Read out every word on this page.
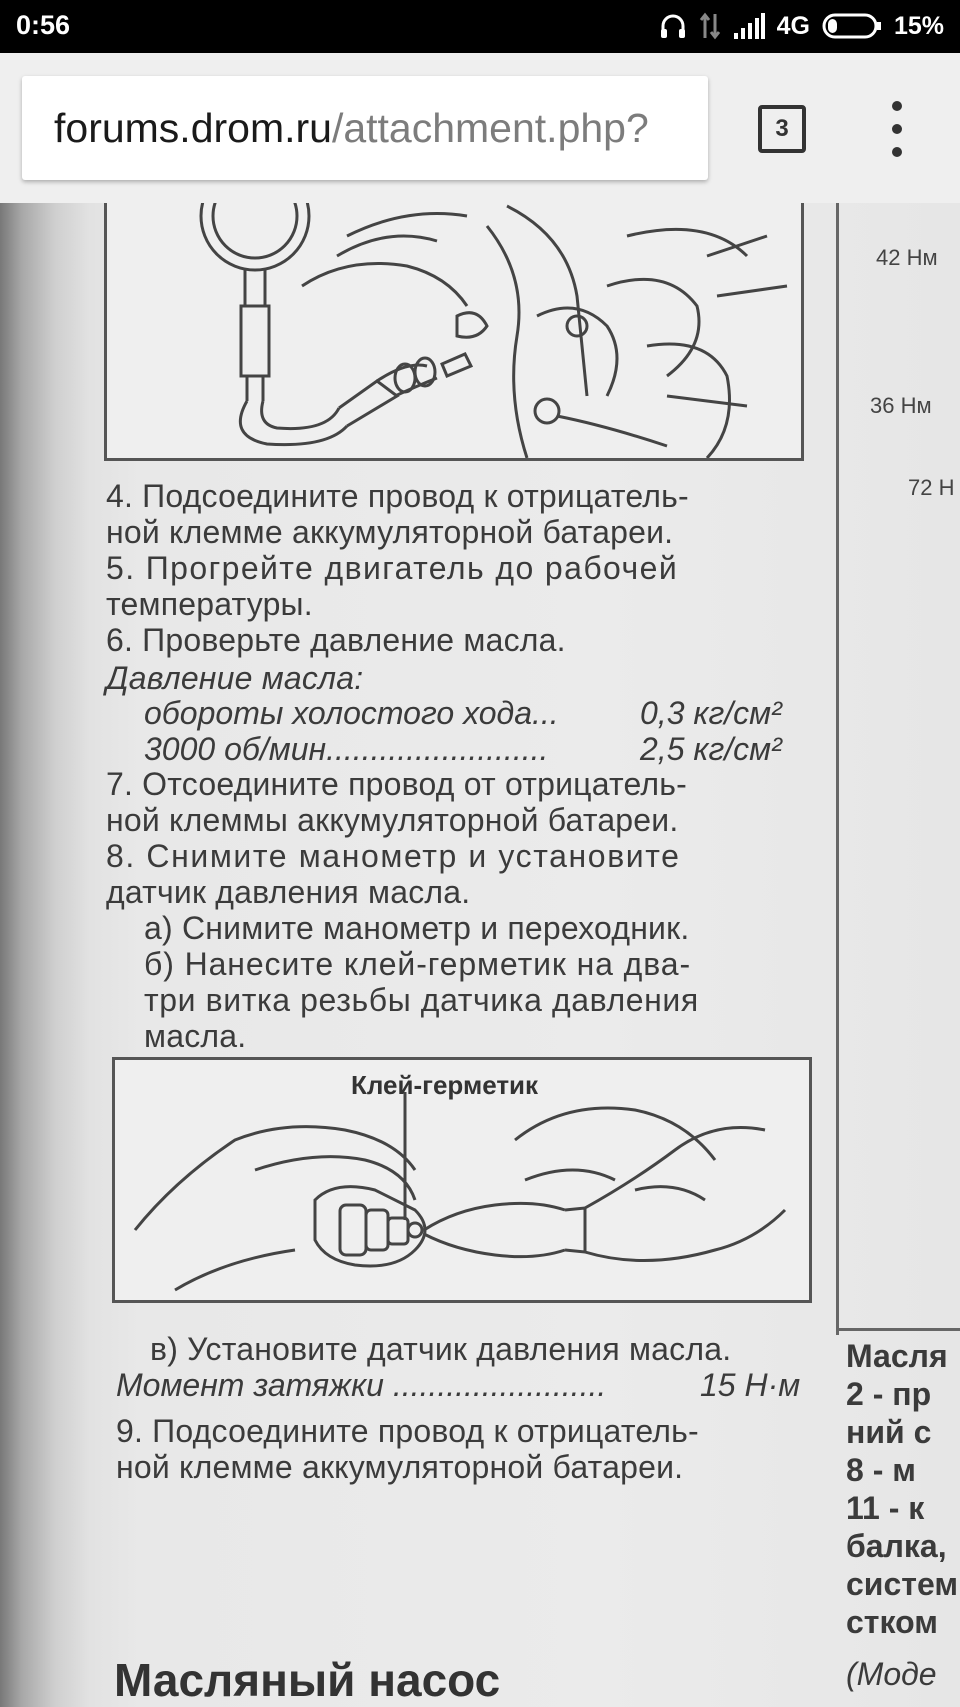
0:56	4G	15%
forums.drom.ru/attachment.php?	3
4. Подсоедините провод к отрицатель-
ной клемме аккумуляторной батареи.
5. Прогрейте двигатель до рабочей
температуры.
6. Проверьте давление масла.
Давление масла:
обороты холостого хода...	0,3 кг/см²
3000 об/мин.........................	2,5 кг/см²
7. Отсоедините провод от отрицатель-
ной клеммы аккумуляторной батареи.
8. Снимите манометр и установите
датчик давления масла.
а) Снимите манометр и переходник.
б) Нанесите клей-герметик на два-
три витка резьбы датчика давления
масла.
в) Установите датчик давления масла.
Момент затяжки ........................	15 Н·м
9. Подсоедините провод к отрицатель-
ной клемме аккумуляторной батареи.
Клей-герметик
Масляный насос
42 Нм
36 Нм
72 Н
Масля
2 - пр
ний с
8 - м
11 - к
балка,
систем
стком
(Моде
